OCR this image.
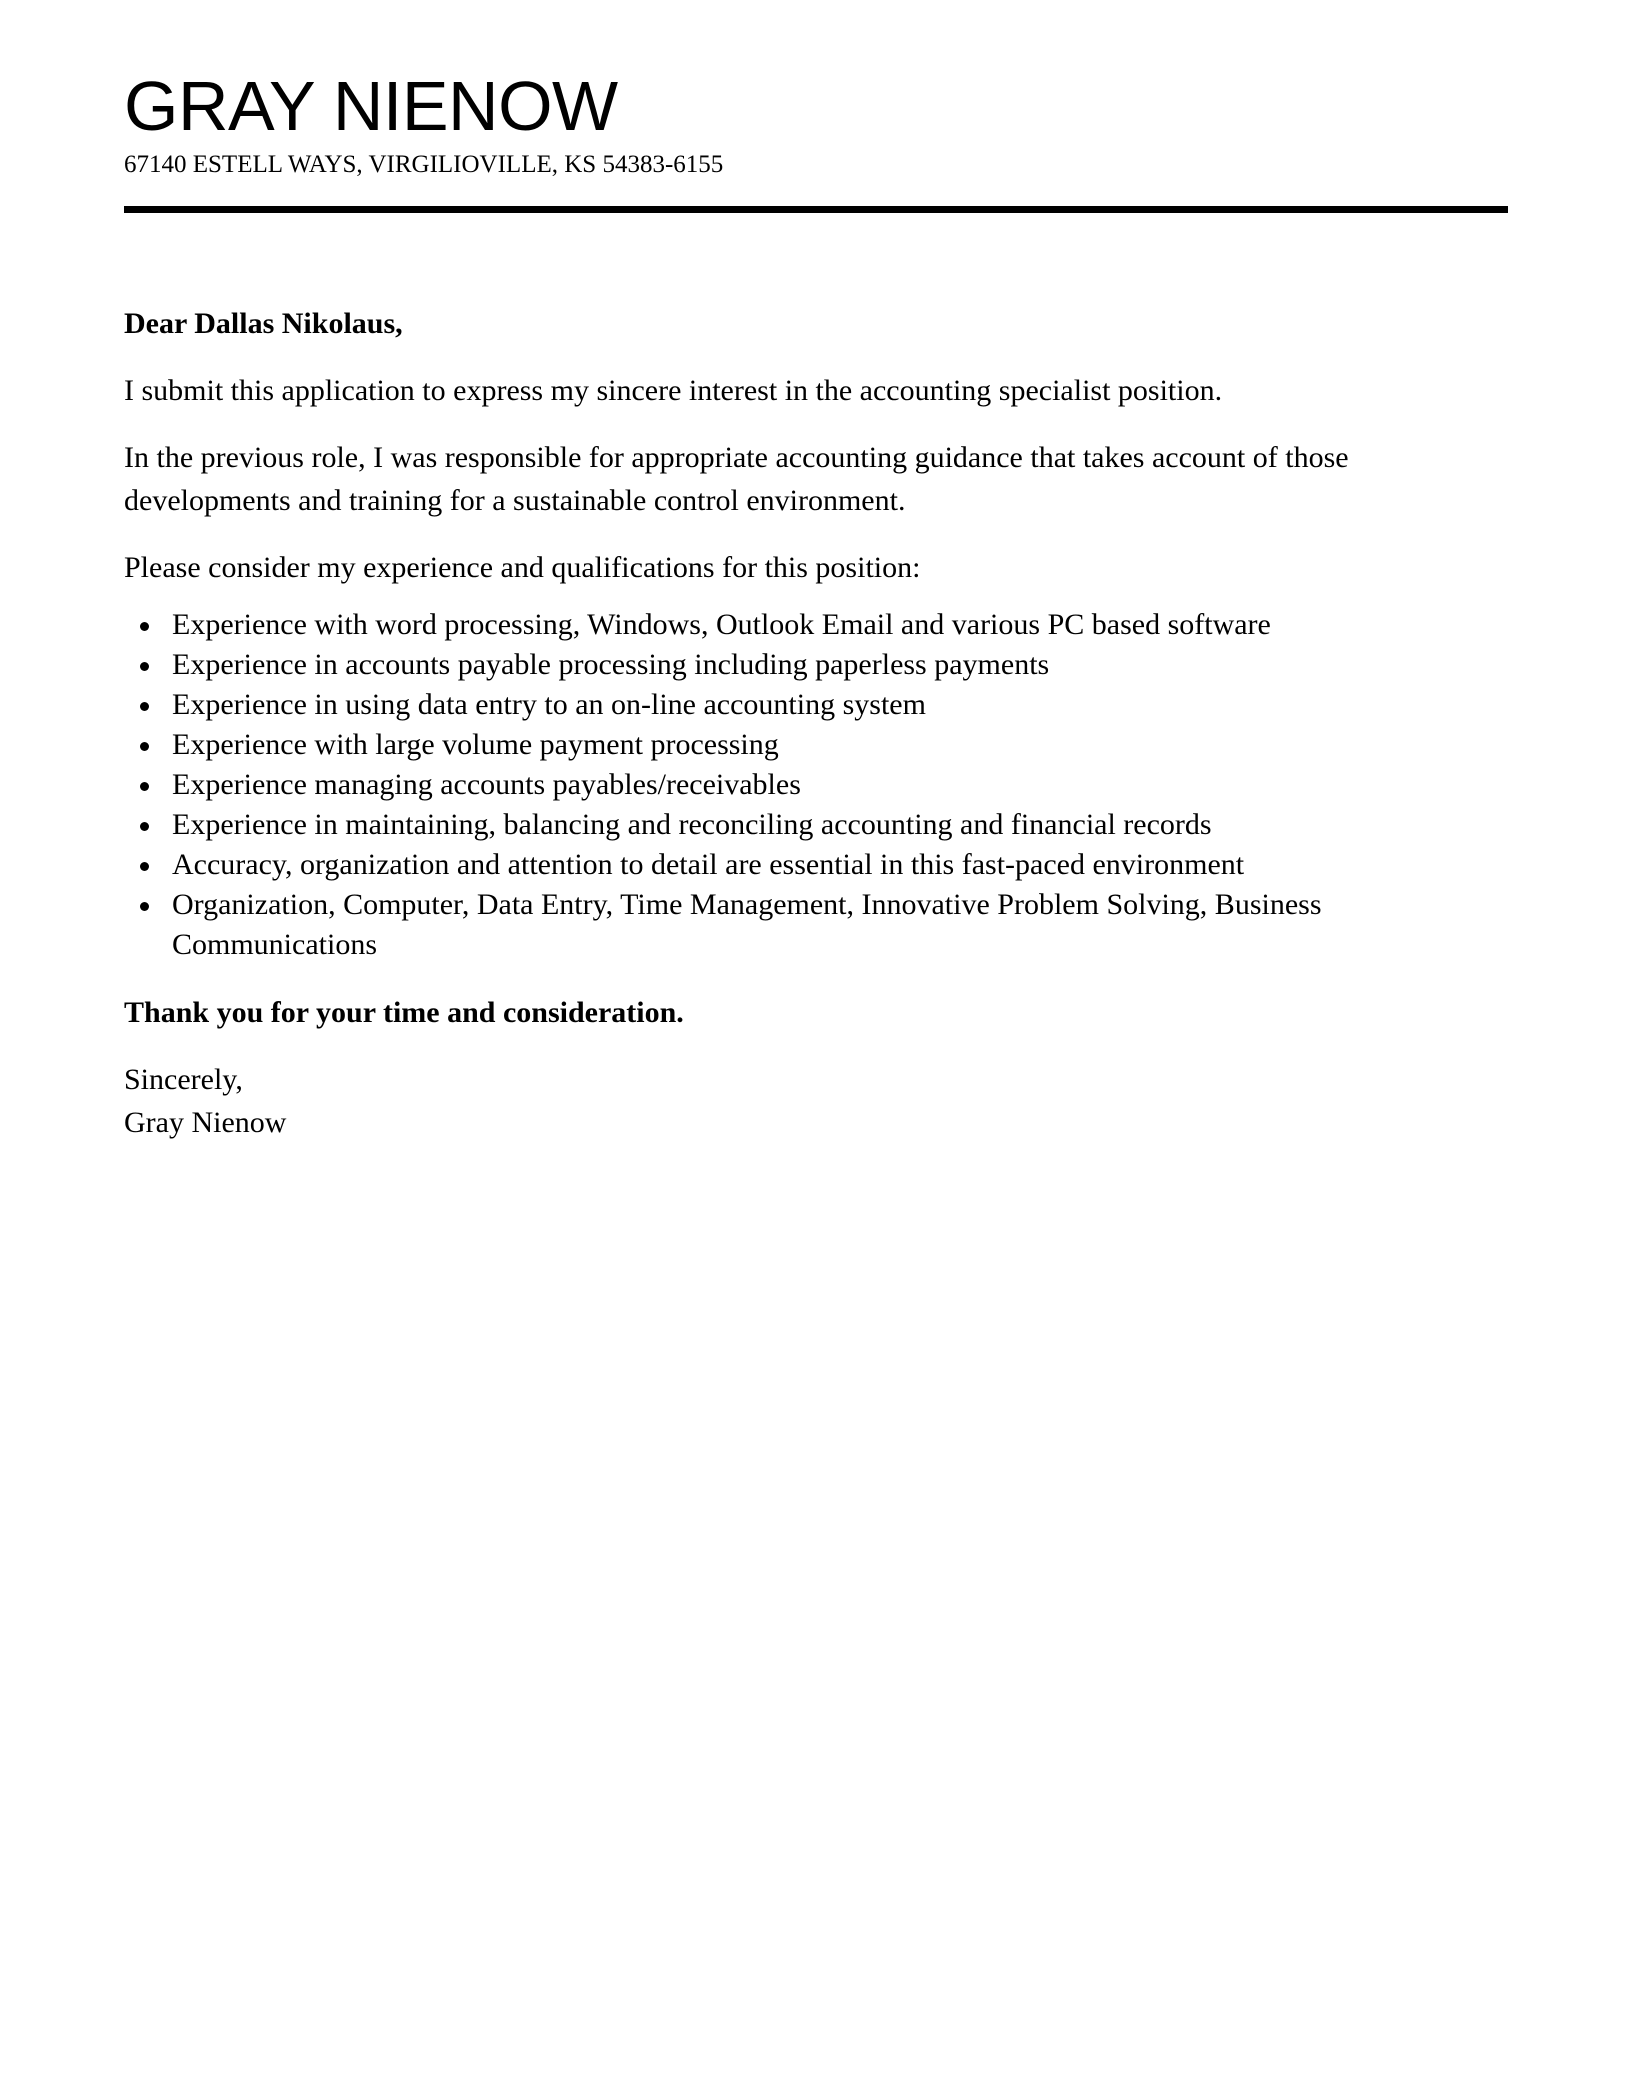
GRAY NIENOW
67140 ESTELL WAYS, VIRGILIOVILLE, KS 54383-6155

Dear Dallas Nikolaus,

I submit this application to express my sincere interest in the accounting specialist position.

In the previous role, I was responsible for appropriate accounting guidance that takes account of those developments and training for a sustainable control environment.

Please consider my experience and qualifications for this position:

Experience with word processing, Windows, Outlook Email and various PC based software
Experience in accounts payable processing including paperless payments
Experience in using data entry to an on-line accounting system
Experience with large volume payment processing
Experience managing accounts payables/receivables
Experience in maintaining, balancing and reconciling accounting and financial records
Accuracy, organization and attention to detail are essential in this fast-paced environment
Organization, Computer, Data Entry, Time Management, Innovative Problem Solving, Business Communications

Thank you for your time and consideration.

Sincerely,
Gray Nienow
